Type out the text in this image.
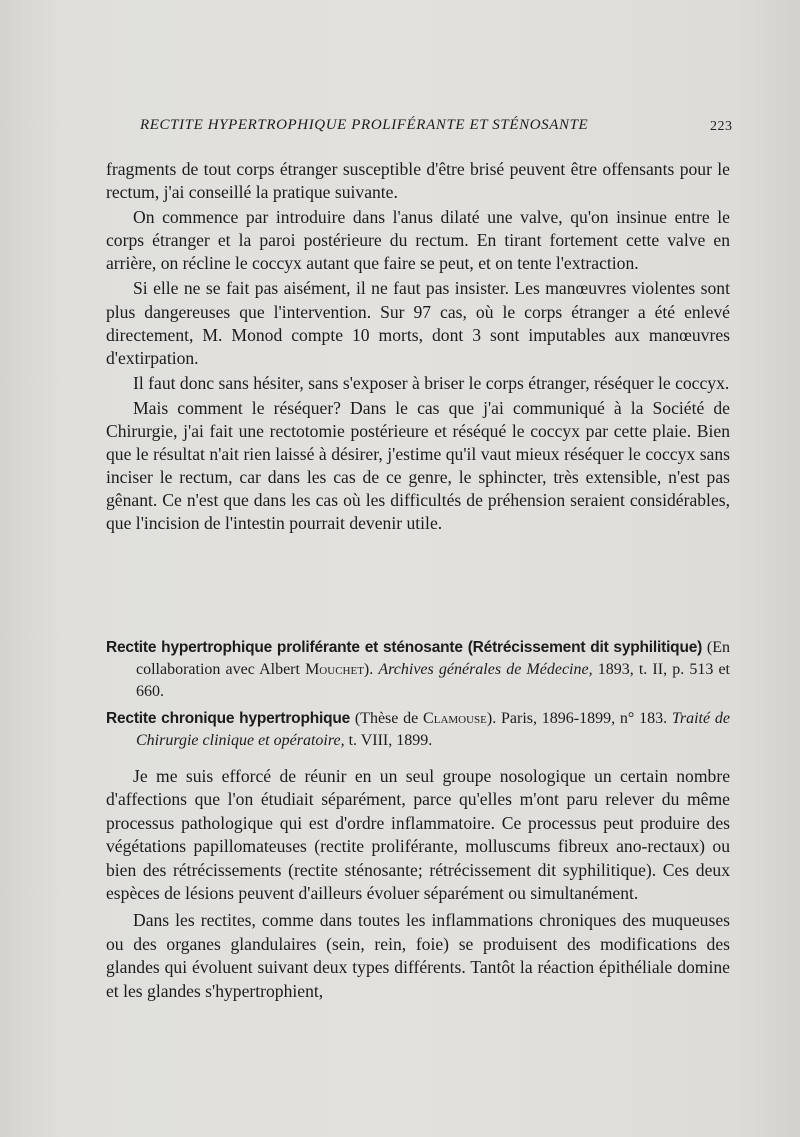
RECTITE HYPERTROPHIQUE PROLIFÉRANTE ET STÉNOSANTE	223

fragments de tout corps étranger susceptible d'être brisé peuvent être offensants pour le rectum, j'ai conseillé la pratique suivante.

On commence par introduire dans l'anus dilaté une valve, qu'on insinue entre le corps étranger et la paroi postérieure du rectum. En tirant fortement cette valve en arrière, on récline le coccyx autant que faire se peut, et on tente l'extraction.

Si elle ne se fait pas aisément, il ne faut pas insister. Les manœuvres violentes sont plus dangereuses que l'intervention. Sur 97 cas, où le corps étranger a été enlevé directement, M. Monod compte 10 morts, dont 3 sont imputables aux manœuvres d'extirpation.

Il faut donc sans hésiter, sans s'exposer à briser le corps étranger, réséquer le coccyx.

Mais comment le réséquer? Dans le cas que j'ai communiqué à la Société de Chirurgie, j'ai fait une rectotomie postérieure et réséqué le coccyx par cette plaie. Bien que le résultat n'ait rien laissé à désirer, j'estime qu'il vaut mieux réséquer le coccyx sans inciser le rectum, car dans les cas de ce genre, le sphincter, très extensible, n'est pas gênant. Ce n'est que dans les cas où les difficultés de préhension seraient considérables, que l'incision de l'intestin pourrait devenir utile.

Rectite hypertrophique proliférante et sténosante (Rétrécissement dit syphilitique) (En collaboration avec Albert Mouchet). Archives générales de Médecine, 1893, t. II, p. 513 et 660.
Rectite chronique hypertrophique (Thèse de Clamouse). Paris, 1896-1899, n° 183. Traité de Chirurgie clinique et opératoire, t. VIII, 1899.

Je me suis efforcé de réunir en un seul groupe nosologique un certain nombre d'affections que l'on étudiait séparément, parce qu'elles m'ont paru relever du même processus pathologique qui est d'ordre inflammatoire. Ce processus peut produire des végétations papillomateuses (rectite proliférante, molluscums fibreux ano-rectaux) ou bien des rétrécissements (rectite sténosante; rétrécissement dit syphilitique). Ces deux espèces de lésions peuvent d'ailleurs évoluer séparément ou simultanément.

Dans les rectites, comme dans toutes les inflammations chroniques des muqueuses ou des organes glandulaires (sein, rein, foie) se produisent des modifications des glandes qui évoluent suivant deux types différents. Tantôt la réaction épithéliale domine et les glandes s'hypertrophient,
